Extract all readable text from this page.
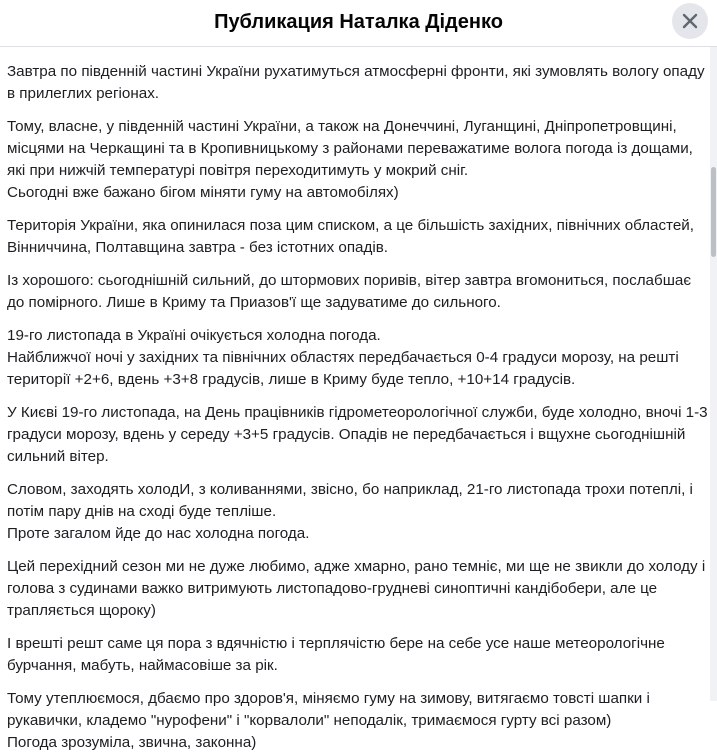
Публикация Наталка Діденко

Завтра по південній частині України рухатимуться атмосферні фронти, які зумовлять вологу опаду в прилеглих регіонах.

Тому, власне, у південній частині України, а також на Донеччині, Луганщині, Дніпропетровщині, місцями на Черкащині та в Кропивницькому з районами переважатиме волога погода із дощами, які при нижчій температурі повітря переходитимуть у мокрий сніг.
Сьогодні вже бажано бігом міняти гуму на автомобілях)

Територія України, яка опинилася поза цим списком, а це більшість західних, північних областей, Вінниччина, Полтавщина завтра - без істотних опадів.

Із хорошого: сьогоднішній сильний, до штормових поривів, вітер завтра вгомониться, послабшає до помірного. Лише в Криму та Приазов'ї ще задуватиме до сильного.

19-го листопада в Україні очікується холодна погода.
Найближчої ночі у західних та північних областях передбачається 0-4 градуси морозу, на решті території +2+6, вдень +3+8 градусів, лише в Криму буде тепло, +10+14 градусів.

У Києві 19-го листопада, на День працівників гідрометеорологічної служби, буде холодно, вночі 1-3 градуси морозу, вдень у середу +3+5 градусів. Опадів не передбачається і вщухне сьогоднішній сильний вітер.

Словом, заходять холодИ, з коливаннями, звісно, бо наприклад, 21-го листопада трохи потеплі, і потім пару днів на сході буде тепліше.
Проте загалом йде до нас холодна погода.

Цей перехідний сезон ми не дуже любимо, адже хмарно, рано темніє, ми ще не звикли до холоду і голова з судинами важко витримують листопадово-грудневі синоптичні кандібобери, але це трапляється щороку)

І врешті решт саме ця пора з вдячністю і терплячістю бере на себе усе наше метеорологічне бурчання, мабуть, наймасовіше за рік.

Тому утеплюємося, дбаємо про здоров'я, міняємо гуму на зимову, витягаємо товсті шапки і рукавички, кладемо "нурофени" і "корвалоли" неподалік, тримаємося гурту всі разом)
Погода зрозуміла, звична, законна)
